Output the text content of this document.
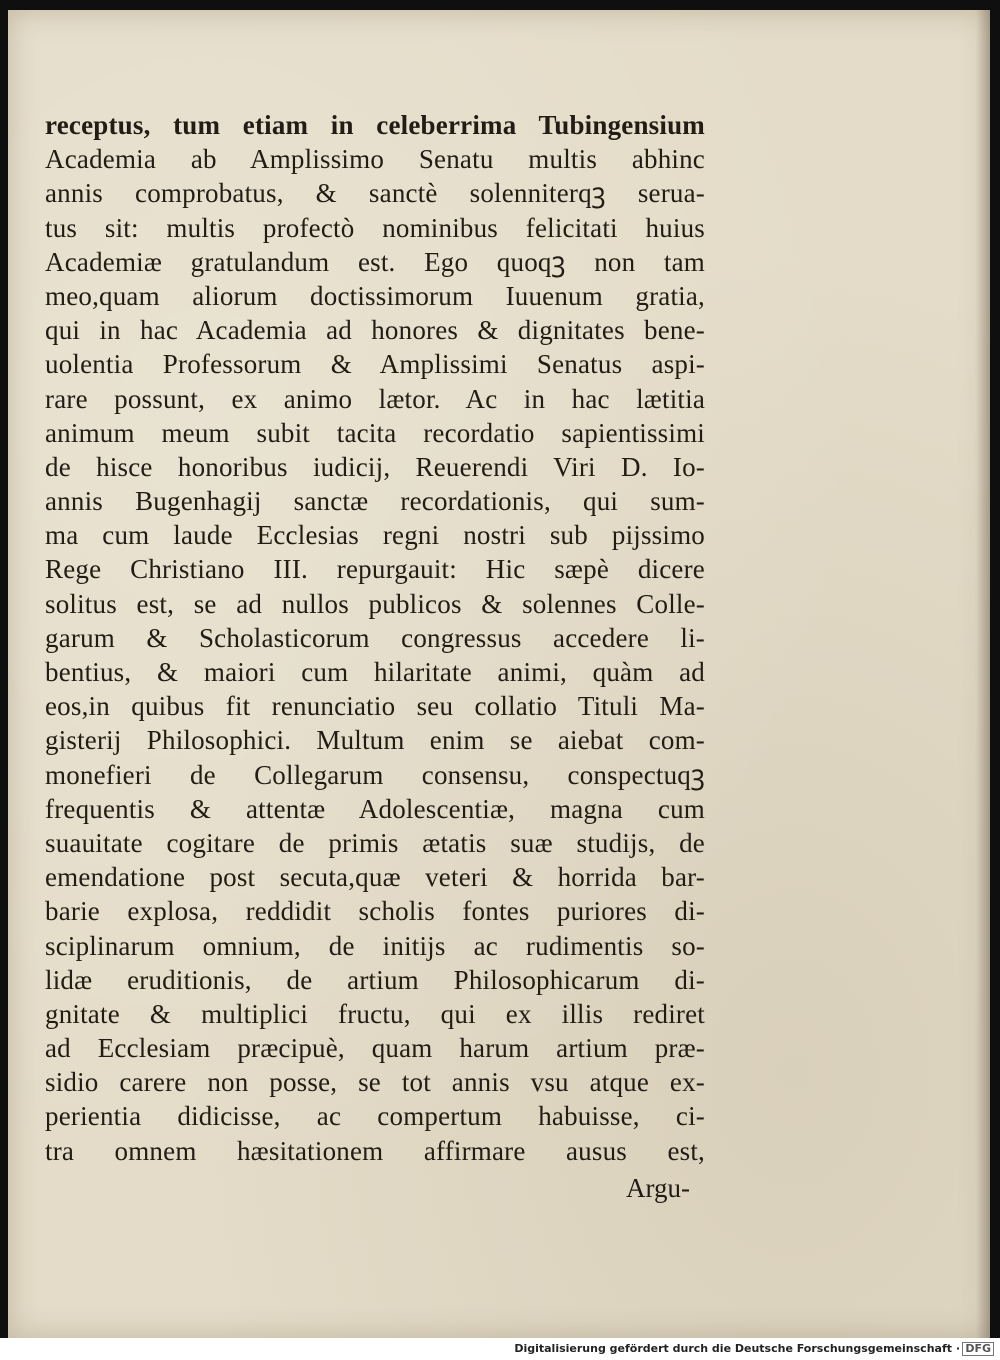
receptus, tum etiam in celeberrima Tubingensium
Academia ab Amplissimo Senatu multis abhinc
annis comprobatus, & sanctè solenniterqꝫ serua-
tus sit: multis profectò nominibus felicitati huius
Academiæ gratulandum est. Ego quoqꝫ non tam
meo,quam aliorum doctissimorum Iuuenum gratia,
qui in hac Academia ad honores & dignitates bene-
uolentia Professorum & Amplissimi Senatus aspi-
rare possunt, ex animo lætor. Ac in hac lætitia
animum meum subit tacita recordatio sapientissimi
de hisce honoribus iudicij, Reuerendi Viri D. Io-
annis Bugenhagij sanctæ recordationis, qui sum-
ma cum laude Ecclesias regni nostri sub pijssimo
Rege Christiano III. repurgauit: Hic sæpè dicere
solitus est, se ad nullos publicos & solennes Colle-
garum & Scholasticorum congressus accedere li-
bentius, & maiori cum hilaritate animi, quàm ad
eos,in quibus fit renunciatio seu collatio Tituli Ma-
gisterij Philosophici. Multum enim se aiebat com-
monefieri de Collegarum consensu, conspectuqꝫ
frequentis & attentæ Adolescentiæ, magna cum
suauitate cogitare de primis ætatis suæ studijs, de
emendatione post secuta,quæ veteri & horrida bar-
barie explosa, reddidit scholis fontes puriores di-
sciplinarum omnium, de initijs ac rudimentis so-
lidæ eruditionis, de artium Philosophicarum di-
gnitate & multiplici fructu, qui ex illis rediret
ad Ecclesiam præcipuè, quam harum artium præ-
sidio carere non posse, se tot annis vsu atque ex-
perientia didicisse, ac compertum habuisse, ci-
tra omnem hæsitationem affirmare ausus est,
Argu-
Digitalisierung gefördert durch die Deutsche Forschungsgemeinschaft · DFG
